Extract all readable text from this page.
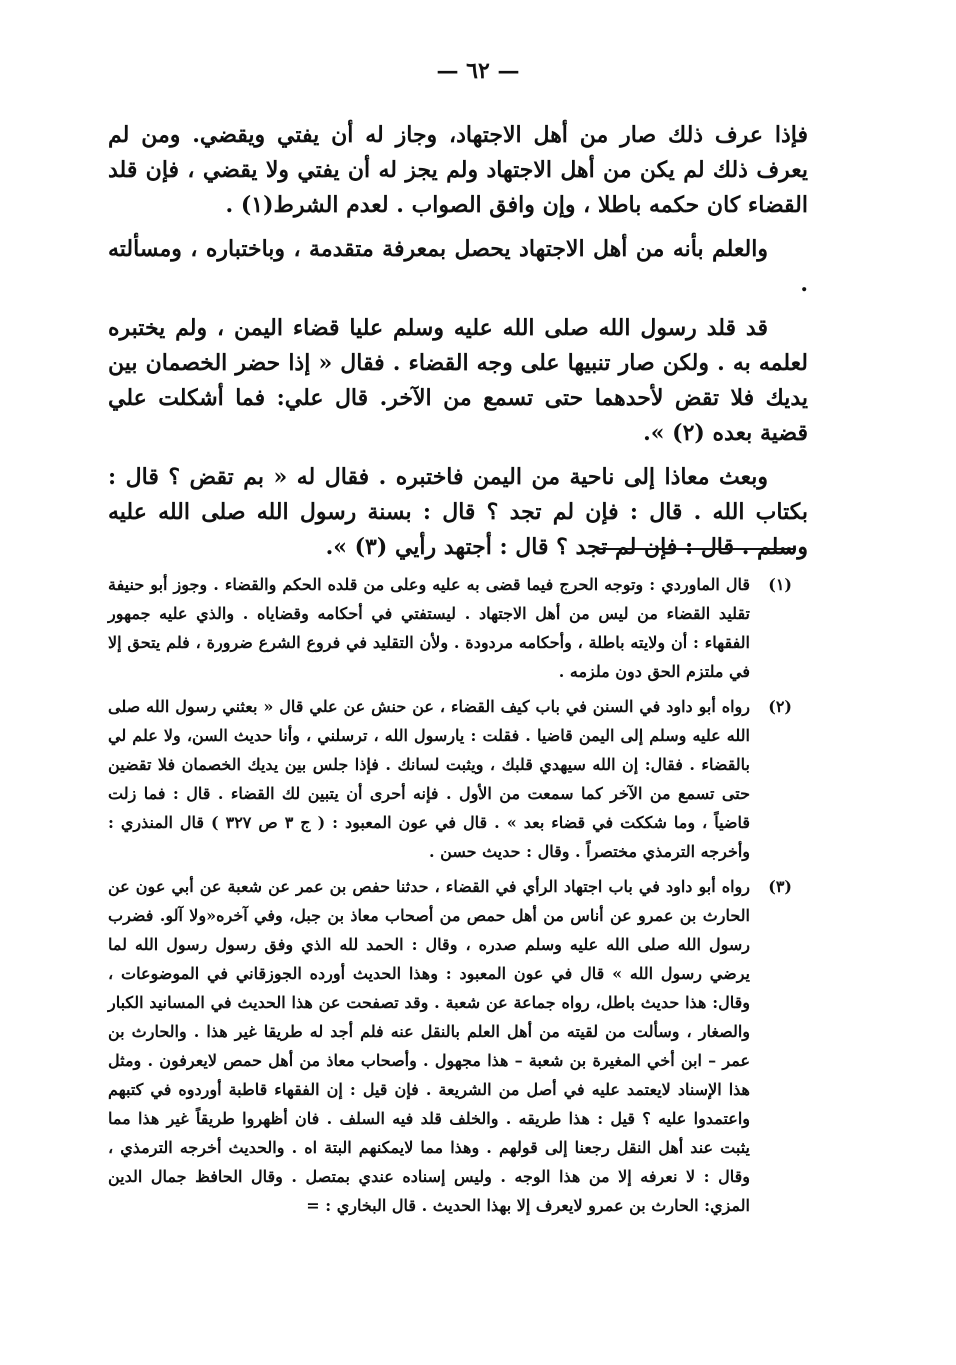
— ٦٢ —

فإذا عرف ذلك صار من أهل الاجتهاد، وجاز له أن يفتي ويقضي. ومن لم يعرف ذلك لم يكن من أهل الاجتهاد ولم يجز له أن يفتي ولا يقضي ، فإن قلد القضاء كان حكمه باطلا ، وإن وافق الصواب . لعدم الشرط(١) .

والعلم بأنه من أهل الاجتهاد يحصل بمعرفة متقدمة ، وباختباره ، ومسألته .

قد قلد رسول الله صلى الله عليه وسلم عليا قضاء اليمن ، ولم يختبره لعلمه به . ولكن صار تنبيها على وجه القضاء . فقال « إذا حضر الخصمان بين يديك فلا تقض لأحدهما حتى تسمع من الآخر. قال علي: فما أشكلت علي قضية بعده (٢) ».

وبعث معاذا إلى ناحية من اليمن فاختبره . فقال له « بم تقض ؟ قال : بكتاب الله . قال : فإن لم تجد ؟ قال : بسنة رسول الله صلى الله عليه وسلم . قال : فإن لم تجد ؟ قال : أجتهد رأيي (٣) ».

(١)
قال الماوردي : وتوجه الحرج فيما قضى به عليه وعلى من قلده الحكم والقضاء . وجوز أبو حنيفة تقليد القضاء من ليس من أهل الاجتهاد . ليستفتي في أحكامه وقضاياه . والذي عليه جمهور الفقهاء : أن ولايته باطلة ، وأحكامه مردودة . ولأن التقليد في فروع الشرع ضرورة ، فلم يتحق إلا في ملتزم الحق دون ملزمه .
(٢)
رواه أبو داود في السنن في باب كيف القضاء ، عن حنش عن علي قال « بعثني رسول الله صلى الله عليه وسلم إلى اليمن قاضيا . فقلت : يارسول الله ، ترسلني ، وأنا حديث السن، ولا علم لي بالقضاء . فقال: إن الله سيهدي قلبك ، ويثبت لسانك . فإذا جلس بين يديك الخصمان فلا تقضين حتى تسمع من الآخر كما سمعت من الأول . فإنه أحرى أن يتبين لك القضاء . قال : فما زلت قاضياً ، وما شككت في قضاء بعد » . قال في عون المعبود : ( ج ٣ ص ٣٢٧ ) قال المنذري : وأخرجه الترمذي مختصراً . وقال : حديث حسن .
(٣)
رواه أبو داود في باب اجتهاد الرأي في القضاء ، حدثنا حفص بن عمر عن شعبة عن أبي عون عن الحارث بن عمرو عن أناس من أهل حمص من أصحاب معاذ بن جبل، وفي آخره«ولا آلو. فضرب رسول الله صلى الله عليه وسلم صدره ، وقال : الحمد لله الذي وفق رسول رسول الله لما يرضي رسول الله » قال في عون المعبود : وهذا الحديث أورده الجوزقاني في الموضوعات ، وقال: هذا حديث باطل، رواه جماعة عن شعبة . وقد تصفحت عن هذا الحديث في المسانيد الكبار والصغار ، وسألت من لقيته من أهل العلم بالنقل عنه فلم أجد له طريقا غير هذا . والحارث بن عمر – ابن أخي المغيرة بن شعبة – هذا مجهول . وأصحاب معاذ من أهل حمص لايعرفون . ومثل هذا الإسناد لايعتمد عليه في أصل من الشريعة . فإن قيل : إن الفقهاء قاطبة أوردوه في كتبهم واعتمدوا عليه ؟ قيل : هذا طريقه . والخلف قلد فيه السلف . فان أظهروا طريقاً غير هذا مما يثبت عند أهل النقل رجعنا إلى قولهم . وهذا مما لايمكنهم البتة اه . والحديث أخرجه الترمذي ، وقال : لا نعرفه إلا من هذا الوجه . وليس إسناده عندي بمتصل . وقال الحافظ جمال الدين المزي: الحارث بن عمرو لايعرف إلا بهذا الحديث . قال البخاري : =
